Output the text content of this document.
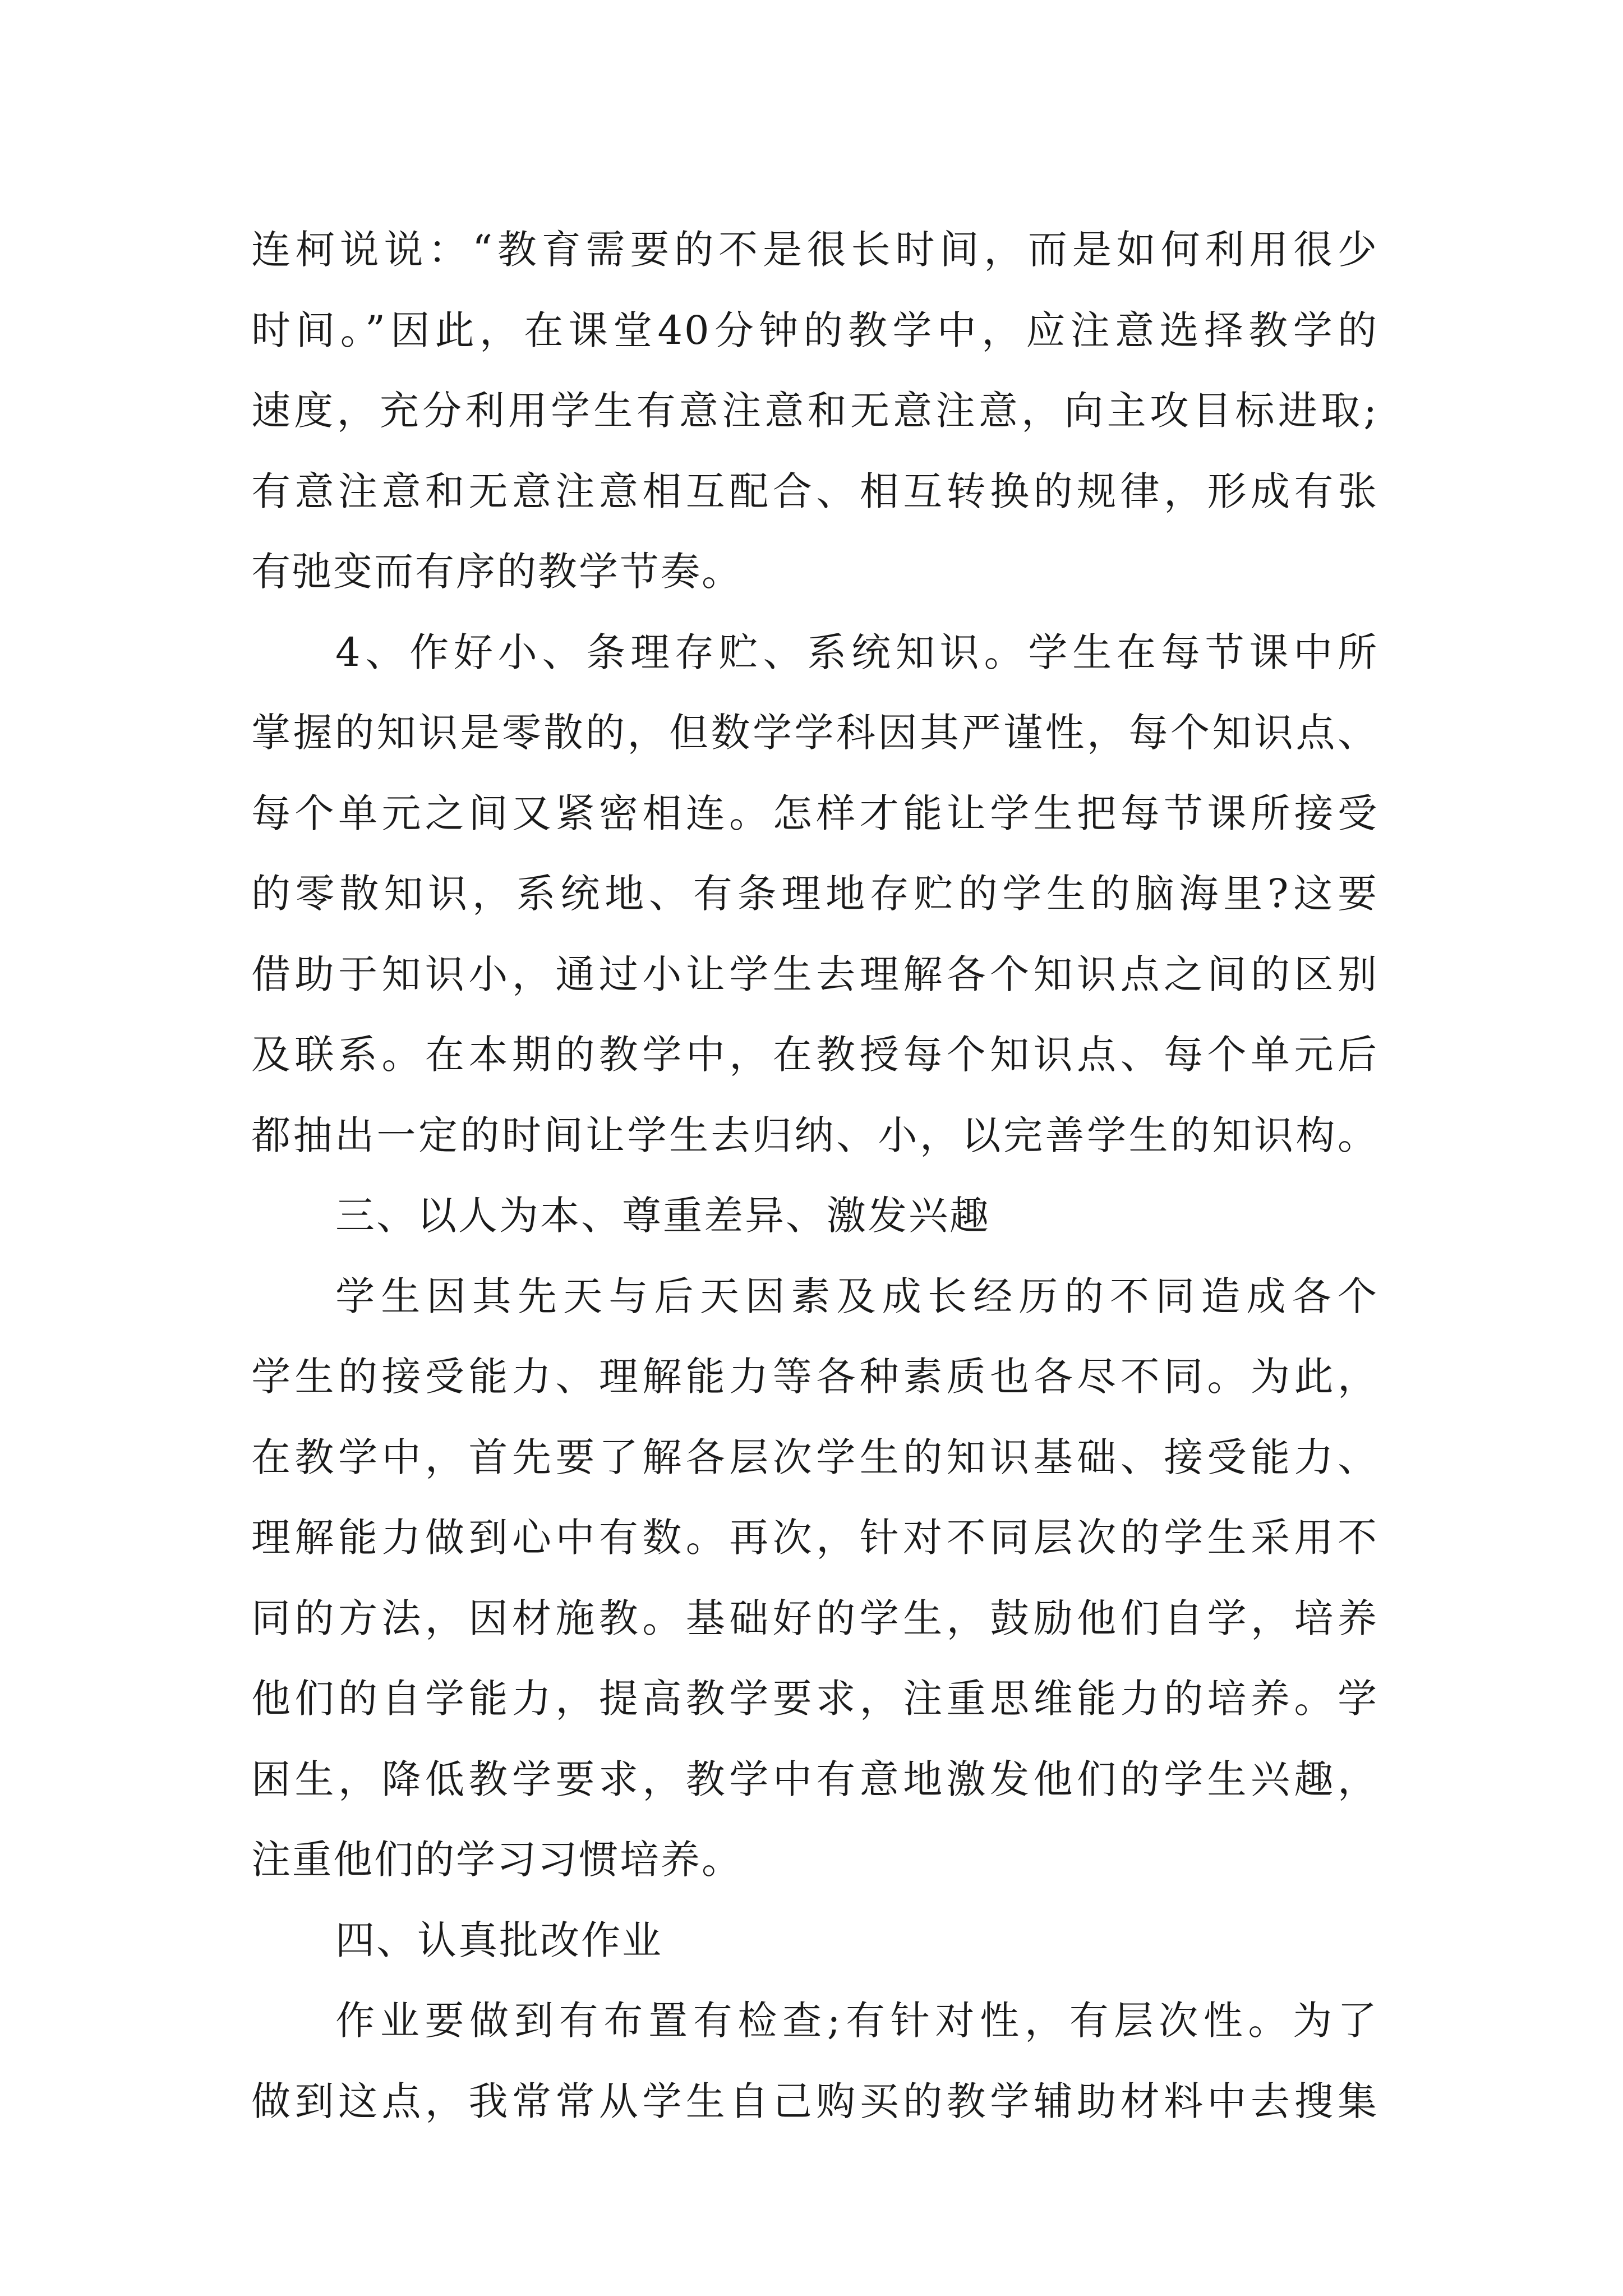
连柯说说：“教育需要的不是很长时间，而是如何利用很少
时间。”因此，在课堂40分钟的教学中，应注意选择教学的
速度，充分利用学生有意注意和无意注意，向主攻目标进取;
有意注意和无意注意相互配合、相互转换的规律，形成有张
有弛变而有序的教学节奏。
4、作好小、条理存贮、系统知识。学生在每节课中所
掌握的知识是零散的，但数学学科因其严谨性，每个知识点、
每个单元之间又紧密相连。怎样才能让学生把每节课所接受
的零散知识，系统地、有条理地存贮的学生的脑海里?这要
借助于知识小，通过小让学生去理解各个知识点之间的区别
及联系。在本期的教学中，在教授每个知识点、每个单元后
都抽出一定的时间让学生去归纳、小，以完善学生的知识构。
三、以人为本、尊重差异、激发兴趣
学生因其先天与后天因素及成长经历的不同造成各个
学生的接受能力、理解能力等各种素质也各尽不同。为此，
在教学中，首先要了解各层次学生的知识基础、接受能力、
理解能力做到心中有数。再次，针对不同层次的学生采用不
同的方法，因材施教。基础好的学生，鼓励他们自学，培养
他们的自学能力，提高教学要求，注重思维能力的培养。学
困生，降低教学要求，教学中有意地激发他们的学生兴趣，
注重他们的学习习惯培养。
四、认真批改作业
作业要做到有布置有检查;有针对性，有层次性。为了
做到这点，我常常从学生自己购买的教学辅助材料中去搜集
